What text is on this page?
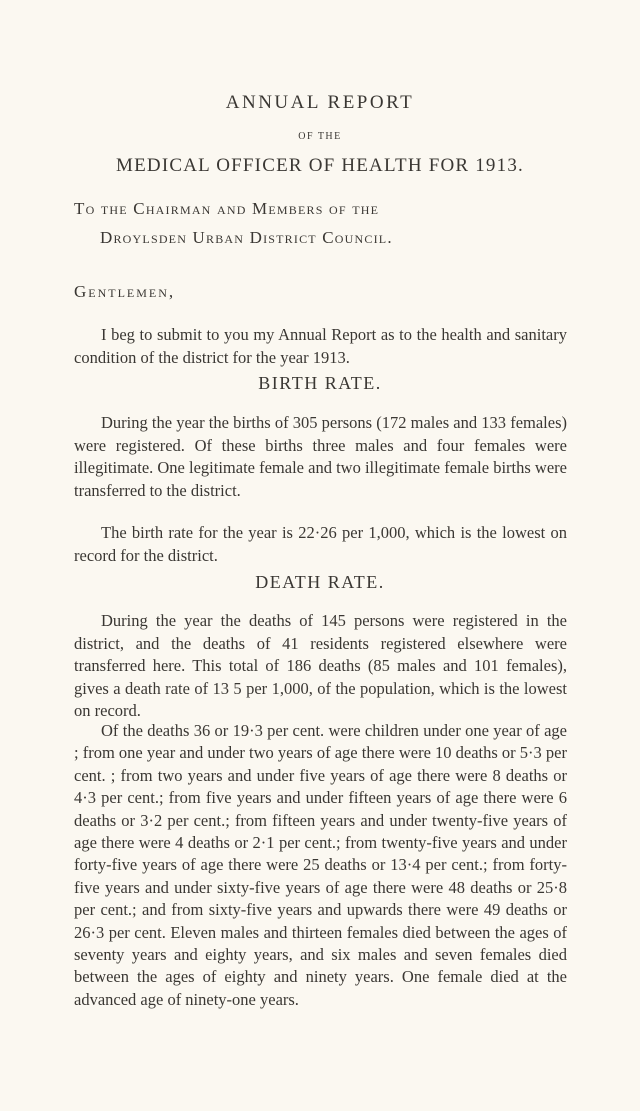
ANNUAL REPORT
OF THE
MEDICAL OFFICER OF HEALTH FOR 1913.
To the Chairman and Members of the
Droylsden Urban District Council.
Gentlemen,

I beg to submit to you my Annual Report as to the health and sanitary condition of the district for the year 1913.

BIRTH RATE.

During the year the births of 305 persons (172 males and 133 females) were registered. Of these births three males and four females were illegitimate. One legitimate female and two illegitimate female births were transferred to the district.

The birth rate for the year is 22·26 per 1,000, which is the lowest on record for the district.

DEATH RATE.

During the year the deaths of 145 persons were registered in the district, and the deaths of 41 residents registered elsewhere were transferred here. This total of 186 deaths (85 males and 101 females), gives a death rate of 13 5 per 1,000, of the population, which is the lowest on record.

Of the deaths 36 or 19·3 per cent. were children under one year of age ; from one year and under two years of age there were 10 deaths or 5·3 per cent. ; from two years and under five years of age there were 8 deaths or 4·3 per cent.; from five years and under fifteen years of age there were 6 deaths or 3·2 per cent.; from fifteen years and under twenty-five years of age there were 4 deaths or 2·1 per cent.; from twenty-five years and under forty-five years of age there were 25 deaths or 13·4 per cent.; from forty-five years and under sixty-five years of age there were 48 deaths or 25·8 per cent.; and from sixty-five years and upwards there were 49 deaths or 26·3 per cent. Eleven males and thirteen females died between the ages of seventy years and eighty years, and six males and seven females died between the ages of eighty and ninety years. One female died at the advanced age of ninety-one years.
